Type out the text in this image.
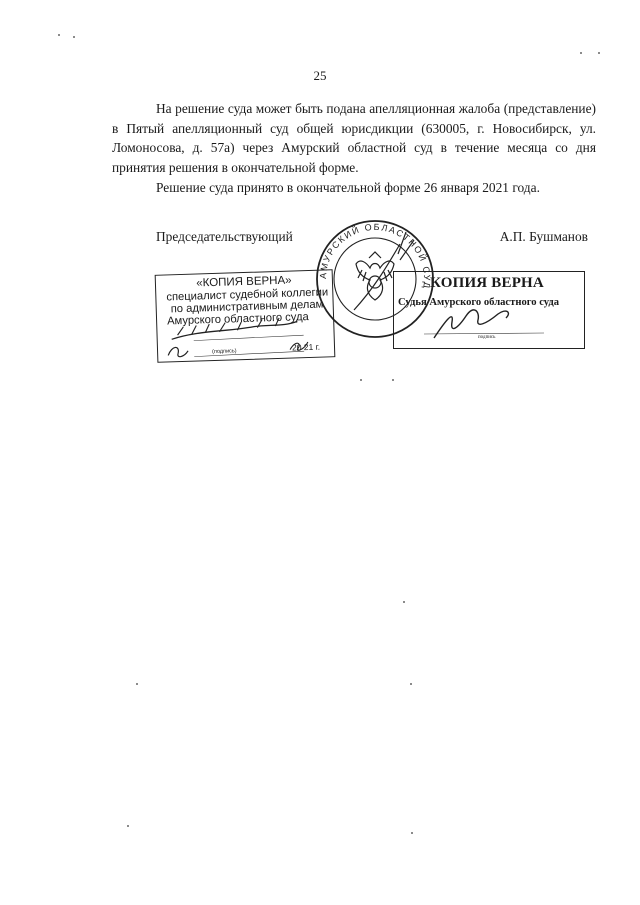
25

На решение суда может быть подана апелляционная жалоба (представление) в Пятый апелляционный суд общей юрисдикции (630005, г. Новосибирск, ул. Ломоносова, д. 57а) через Амурский областной суд в течение месяца со дня принятия решения в окончательной форме.

Решение суда принято в окончательной форме 26 января 2021 года.

Председательствующий	А.П. Бушманов
«КОПИЯ ВЕРНА»
специалист судебной коллегии
по административным делам
Амурского областного суда
(подпись)	20 21 г.
КОПИЯ ВЕРНА
Судья Амурского областного суда
подпись
АМУРСКИЙ ОБЛАСТНОЙ СУД
